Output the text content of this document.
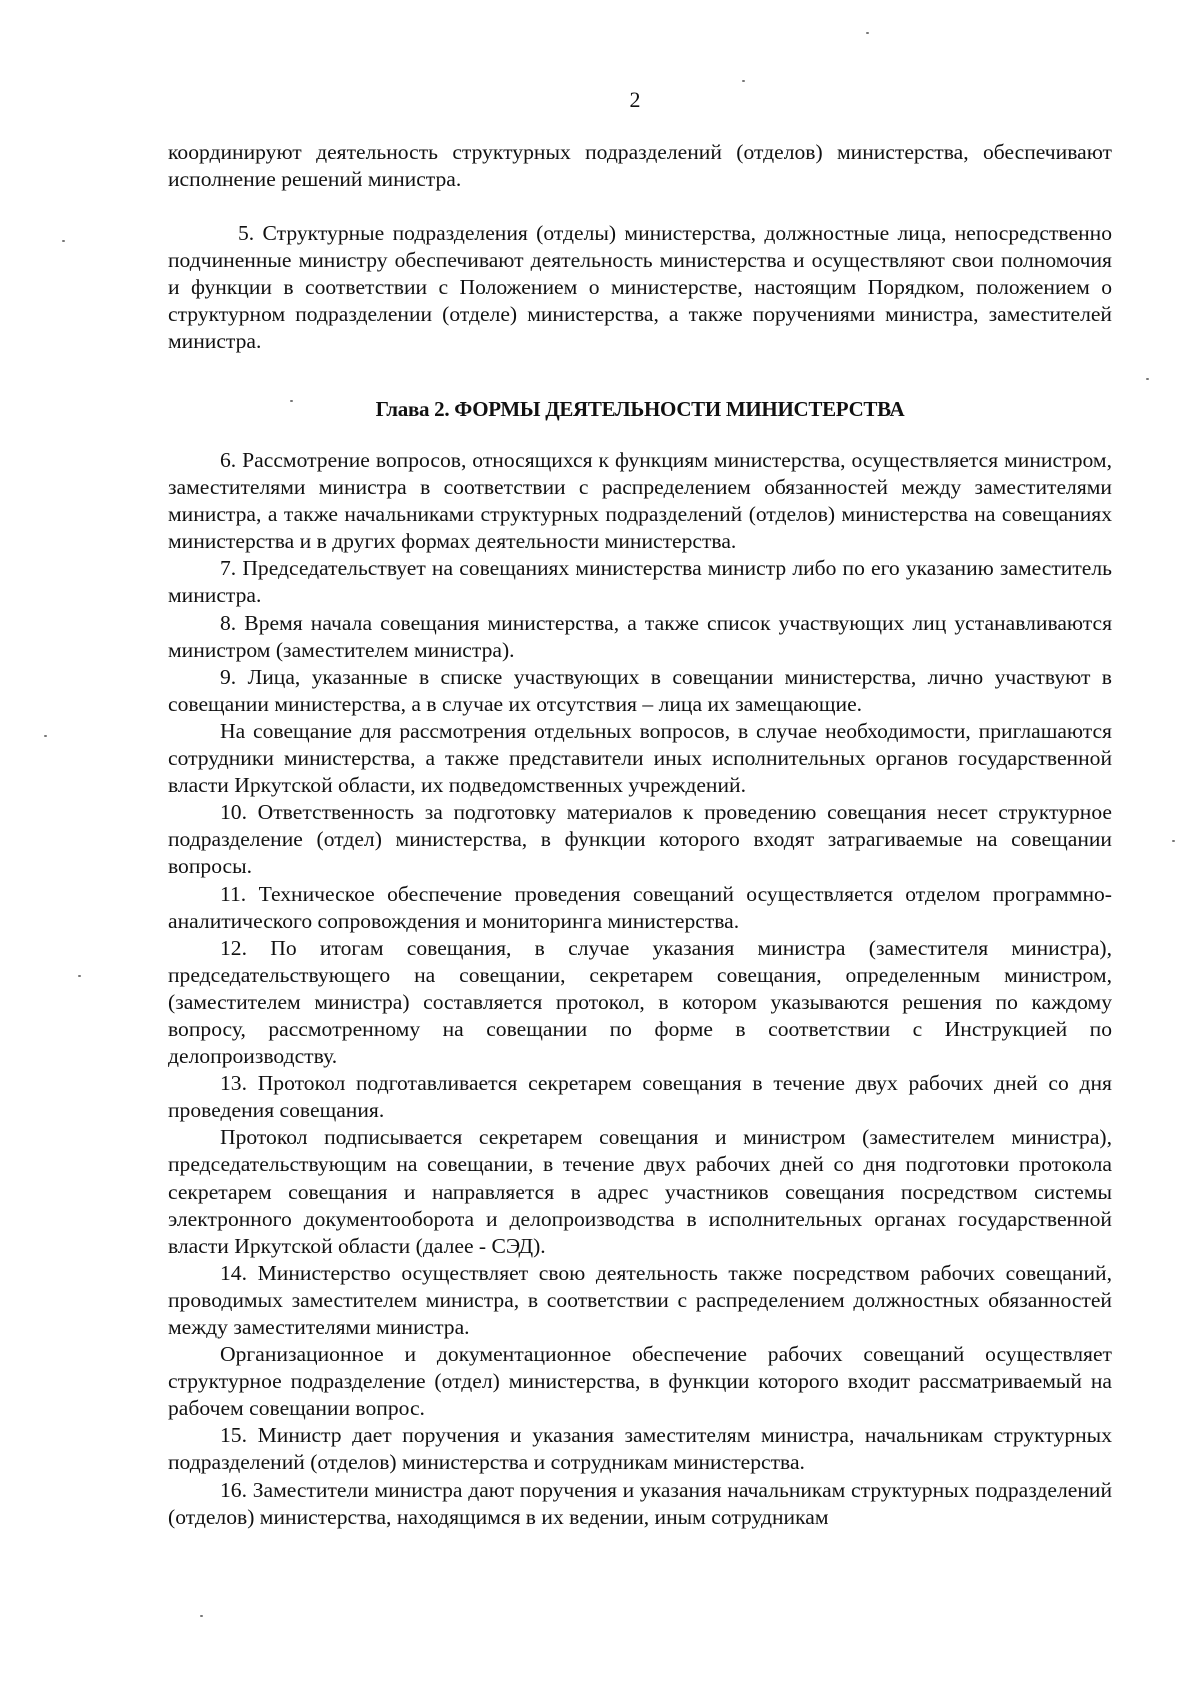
2

координируют деятельность структурных подразделений (отделов) министерства, обеспечивают исполнение решений министра.

5. Структурные подразделения (отделы) министерства, должностные лица, непосредственно подчиненные министру обеспечивают деятельность министерства и осуществляют свои полномочия и функции в соответствии с Положением о министерстве, настоящим Порядком, положением о структурном подразделении (отделе) министерства, а также поручениями министра, заместителей министра.

Глава 2. ФОРМЫ ДЕЯТЕЛЬНОСТИ МИНИСТЕРСТВА

6. Рассмотрение вопросов, относящихся к функциям министерства, осуществляется министром, заместителями министра в соответствии с распределением обязанностей между заместителями министра, а также начальниками структурных подразделений (отделов) министерства на совещаниях министерства и в других формах деятельности министерства.

7. Председательствует на совещаниях министерства министр либо по его указанию заместитель министра.

8. Время начала совещания министерства, а также список участвующих лиц устанавливаются министром (заместителем министра).

9. Лица, указанные в списке участвующих в совещании министерства, лично участвуют в совещании министерства, а в случае их отсутствия – лица их замещающие.

На совещание для рассмотрения отдельных вопросов, в случае необходимости, приглашаются сотрудники министерства, а также представители иных исполнительных органов государственной власти Иркутской области, их подведомственных учреждений.

10. Ответственность за подготовку материалов к проведению совещания несет структурное подразделение (отдел) министерства, в функции которого входят затрагиваемые на совещании вопросы.

11. Техническое обеспечение проведения совещаний осуществляется отделом программно-аналитического сопровождения и мониторинга министерства.

12. По итогам совещания, в случае указания министра (заместителя министра), председательствующего на совещании, секретарем совещания, определенным министром, (заместителем министра) составляется протокол, в котором указываются решения по каждому вопросу, рассмотренному на совещании по форме в соответствии с Инструкцией по делопроизводству.

13. Протокол подготавливается секретарем совещания в течение двух рабочих дней со дня проведения совещания.

Протокол подписывается секретарем совещания и министром (заместителем министра), председательствующим на совещании, в течение двух рабочих дней со дня подготовки протокола секретарем совещания и направляется в адрес участников совещания посредством системы электронного документооборота и делопроизводства в исполнительных органах государственной власти Иркутской области (далее - СЭД).

14. Министерство осуществляет свою деятельность также посредством рабочих совещаний, проводимых заместителем министра, в соответствии с распределением должностных обязанностей между заместителями министра.

Организационное и документационное обеспечение рабочих совещаний осуществляет структурное подразделение (отдел) министерства, в функции которого входит рассматриваемый на рабочем совещании вопрос.

15. Министр дает поручения и указания заместителям министра, начальникам структурных подразделений (отделов) министерства и сотрудникам министерства.

16. Заместители министра дают поручения и указания начальникам структурных подразделений (отделов) министерства, находящимся в их ведении, иным сотрудникам
